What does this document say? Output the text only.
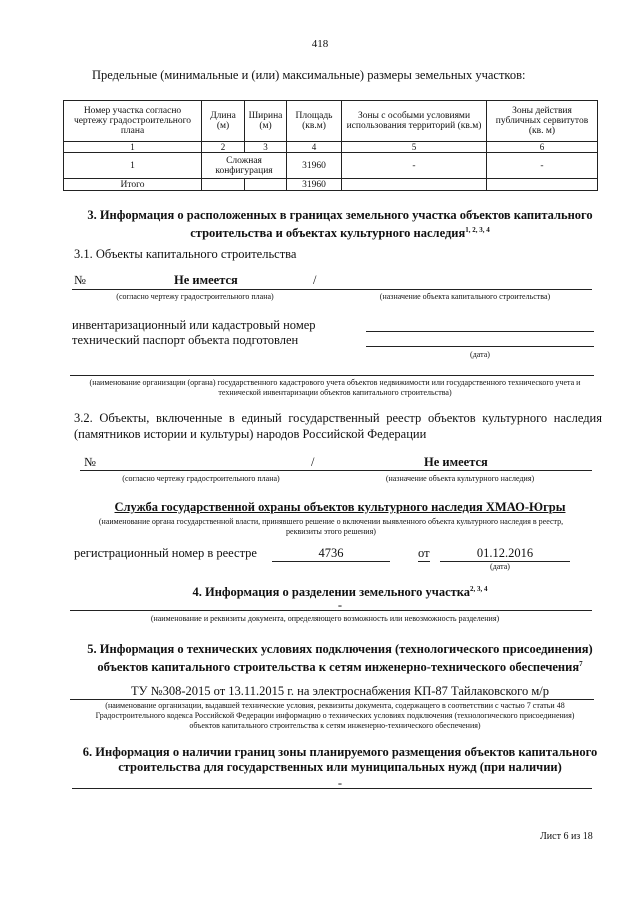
418
Предельные (минимальные и (или) максимальные) размеры земельных участков:
Номер участка согласно чертежу градостроительного плана	Длина (м)	Ширина (м)	Площадь (кв.м)	Зоны с особыми условиями использования территорий (кв.м)	Зоны действия публичных сервитутов (кв. м)
1	2	3	4	5	6
1	Сложная конфигурация		31960	-	-
Итого			31960		
3. Информация о расположенных в границах земельного участка объектов капитального строительства и объектах культурного наследия$^{1, 2, 3, 4}$
3.1. Объекты капитального строительства
№	Не имеется	/
(согласно чертежу градостроительного плана)	(назначение объекта капитального строительства)
инвентаризационный или кадастровый номер
технический паспорт объекта подготовлен
(дата)
(наименование организации (органа) государственного кадастрового учета объектов недвижимости или государственного технического учета и технической инвентаризации объектов капитального строительства)
3.2. Объекты, включенные в единый государственный реестр объектов культурного наследия (памятников истории и культуры) народов Российской Федерации
№	/	Не имеется
(согласно чертежу градостроительного плана)	(назначение объекта культурного наследия)
Служба государственной охраны объектов культурного наследия ХМАО-Югры
(наименование органа государственной власти, принявшего решение о включении выявленного объекта культурного наследия в реестр, реквизиты этого решения)
регистрационный номер в реестре	4736	от	01.12.2016
(дата)
4. Информация о разделении земельного участка$^{2, 3, 4}$
-
(наименование и реквизиты документа, определяющего возможность или невозможность разделения)
5. Информация о технических условиях подключения (технологического присоединения) объектов капитального строительства к сетям инженерно-технического обеспечения$^7$
ТУ №308-2015 от 13.11.2015 г. на электроснабжения КП-87 Тайлаковского м/р
(наименование организации, выдавшей технические условия, реквизиты документа, содержащего в соответствии с частью 7 статьи 48 Градостроительного кодекса Российской Федерации информацию о технических условиях подключения (технологического присоединения) объектов капитального строительства к сетям инженерно-технического обеспечения)
6. Информация о наличии границ зоны планируемого размещения объектов капитального строительства для государственных или муниципальных нужд (при наличии)
-
Лист 6 из 18
